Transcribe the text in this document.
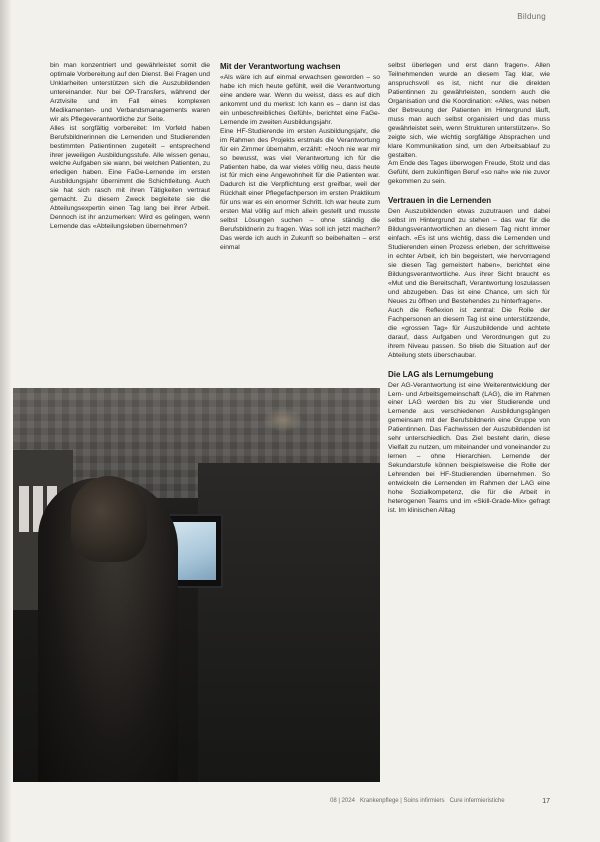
Bildung

bin man konzentriert und gewährleistet somit die optimale Vorbereitung auf den Dienst. Bei Fragen und Unklarheiten unterstützen sich die Auszubildenden untereinander. Nur bei OP-Transfers, während der Arztvisite und im Fall eines komplexen Medikamenten- und Verbandsmanagements waren wir als Pflegeverantwortliche zur Seite.

Alles ist sorgfältig vorbereitet: Im Vorfeld haben Berufsbildnerinnen die Lernenden und Studierenden bestimmten Patientinnen zugeteilt – entsprechend ihrer jeweiligen Ausbildungsstufe. Alle wissen genau, welche Aufgaben sie wann, bei welchen Patienten, zu erledigen haben. Eine FaGe-Lernende im ersten Ausbildungsjahr übernimmt die Schichtleitung. Auch sie hat sich rasch mit ihren Tätigkeiten vertraut gemacht. Zu diesem Zweck begleitete sie die Abteilungsexpertin einen Tag lang bei ihrer Arbeit. Dennoch ist ihr anzumerken: Wird es gelingen, wenn Lernende das «Abteilungsleben übernehmen?

Mit der Verantwortung wachsen

«Als wäre ich auf einmal erwachsen geworden – so habe ich mich heute gefühlt, weil die Verantwortung eine andere war. Wenn du weisst, dass es auf dich ankommt und du merkst: Ich kann es – dann ist das ein unbeschreibliches Gefühl», berichtet eine FaGe-Lernende im zweiten Ausbildungsjahr.

Eine HF-Studierende im ersten Ausbildungsjahr, die im Rahmen des Projekts erstmals die Verantwortung für ein Zimmer übernahm, erzählt: «Noch nie war mir so bewusst, was viel Verantwortung ich für die Patienten habe, da war vieles völlig neu, dass heute ist für mich eine Angewohnheit für die Patienten war. Dadurch ist die Verpflichtung erst greifbar, weil der Rückhalt einer Pflegefachperson im ersten Praktikum für uns war es ein enormer Schritt. Ich war heute zum ersten Mal völlig auf mich allein gestellt und musste selbst Lösungen suchen – ohne ständig die Berufsbildnerin zu fragen. Was soll ich jetzt machen? Das werde ich auch in Zukunft so beibehalten – erst einmal

selbst überlegen und erst dann fragen». Allen Teilnehmenden wurde an diesem Tag klar, wie anspruchsvoll es ist, nicht nur die direkten Patientinnen zu gewährleisten, sondern auch die Organisation und die Koordination: «Alles, was neben der Betreuung der Patienten im Hintergrund läuft, muss man auch selbst organisiert und das muss gewährleistet sein, wenn Strukturen unterstützen». So zeigte sich, wie wichtig sorgfältige Absprachen und klare Kommunikation sind, um den Arbeitsablauf zu gestalten.

Am Ende des Tages überwogen Freude, Stolz und das Gefühl, dem zukünftigen Beruf «so nah» wie nie zuvor gekommen zu sein.

Vertrauen in die Lernenden

Den Auszubildenden etwas zuzutrauen und dabei selbst im Hintergrund zu stehen – das war für die Bildungsverantwortlichen an diesem Tag nicht immer einfach. «Es ist uns wichtig, dass die Lernenden und Studierenden einen Prozess erleben, der schrittweise in echter Arbeit, ich bin begeistert, wie hervorragend sie diesen Tag gemeistert haben», berichtet eine Bildungsverantwortliche. Aus ihrer Sicht braucht es «Mut und die Bereitschaft, Verantwortung loszulassen und abzugeben. Das ist eine Chance, um sich für Neues zu öffnen und Bestehendes zu hinterfragen».

Auch die Reflexion ist zentral: Die Rolle der Fachpersonen an diesem Tag ist eine unterstützende, die «grossen Tag» für Auszubildende und achtete darauf, dass Aufgaben und Verordnungen gut zu ihrem Niveau passen. So blieb die Situation auf der Abteilung stets überschaubar.

Die LAG als Lernumgebung

Der AG-Verantwortung ist eine Weiterentwicklung der Lern- und Arbeitsgemeinschaft (LAG), die im Rahmen einer LAG werden bis zu vier Studierende und Lernende aus verschiedenen Ausbildungsgängen gemeinsam mit der Berufsbildnerin eine Gruppe von Patientinnen. Das Fachwissen der Auszubildenden ist sehr unterschiedlich. Das Ziel besteht darin, diese Vielfalt zu nutzen, um miteinander und voneinander zu lernen – ohne Hierarchien. Lernende der Sekundarstufe können beispielsweise die Rolle der Lehrenden bei HF-Studierenden übernehmen. So entwickeln die Lernenden im Rahmen der LAG eine hohe Sozialkompetenz, die für die Arbeit in heterogenen Teams und im «Skill-Grade-Mix» gefragt ist. Im klinischen Alltag

08 | 2024 Krankenpflege | Soins infirmiers Cure infermieristiche	17
